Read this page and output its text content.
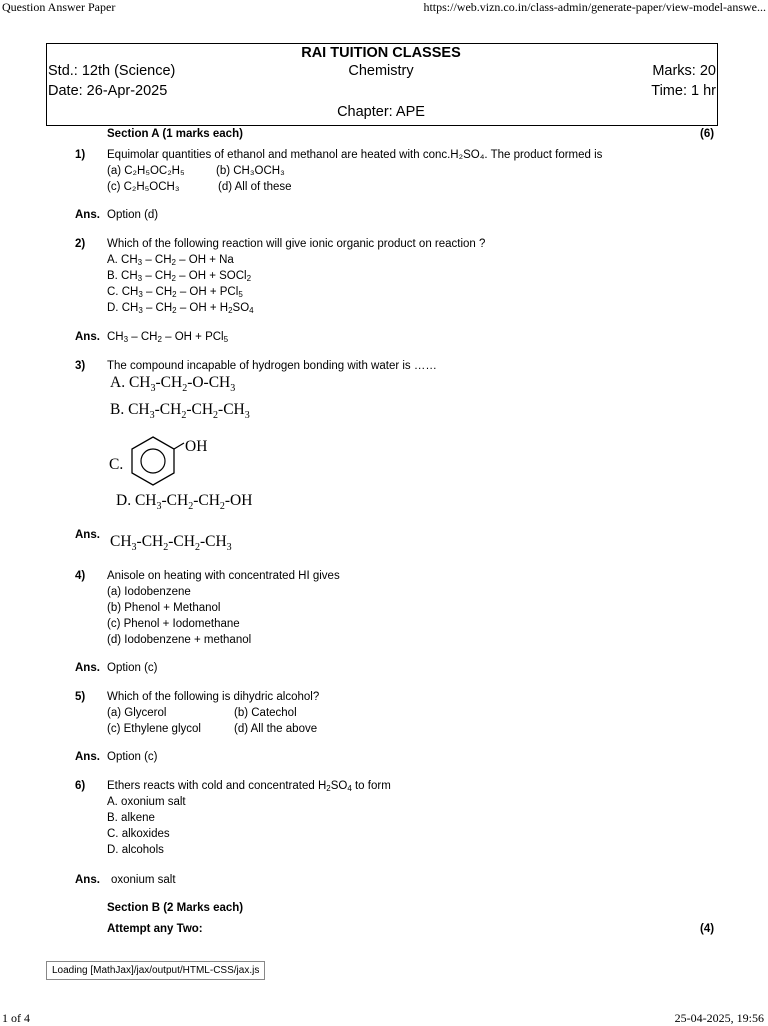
Question Answer Paper	https://web.vizn.co.in/class-admin/generate-paper/view-model-answe...
RAI TUITION CLASSES
Std.: 12th (Science)	Chemistry	Marks: 20
Date: 26-Apr-2025	Time: 1 hr
Chapter: APE
Section A (1 marks each)	(6)
1) Equimolar quantities of ethanol and methanol are heated with conc.H₂SO₄. The product formed is
(a) C₂H₅OC₂H₅	(b) CH₃OCH₃
(c) C₂H₅OCH₃	(d) All of these
Ans. Option (d)
2) Which of the following reaction will give ionic organic product on reaction ?
A. $CH_3 - CH_2$ – OH + Na
B. $CH_3 - CH_2$ – OH + SOCl$_2$
C. $CH_3 - CH_2$ – OH + PCl$_5$
D. $CH_3 - CH_2$ – OH + $H_2SO_4$
Ans. $CH_3 - CH_2$ – OH + PCl$_5$
3) The compound incapable of hydrogen bonding with water is ……
A. $CH_3-CH_2-O-CH_3$
B. $CH_3-CH_2-CH_2-CH_3$
C.
OH
D. $CH_3-CH_2-CH_2-OH$
Ans. $CH_3-CH_2-CH_2-CH_3$
4) Anisole on heating with concentrated HI gives
(a) Iodobenzene
(b) Phenol + Methanol
(c) Phenol + Iodomethane
(d) Iodobenzene + methanol
Ans. Option (c)
5) Which of the following is dihydric alcohol?
(a) Glycerol	(b) Catechol
(c) Ethylene glycol	(d) All the above
Ans. Option (c)
6) Ethers reacts with cold and concentrated $H_2SO_4$ to form
A. oxonium salt
B. alkene
C. alkoxides
D. alcohols
Ans. oxonium salt
Section B (2 Marks each)
Attempt any Two:	(4)
Loading [MathJax]/jax/output/HTML-CSS/jax.js
1 of 4	25-04-2025, 19:56
